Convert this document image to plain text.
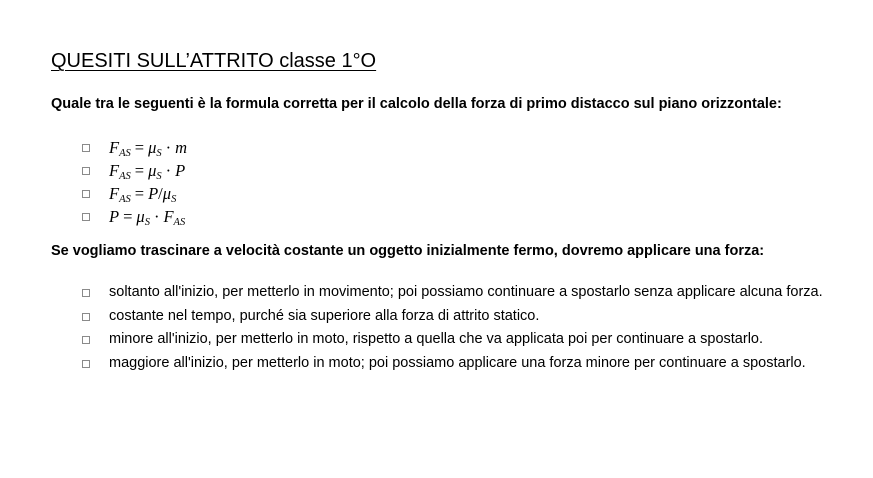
QUESITI SULL’ATTRITO classe 1°O
Quale tra le seguenti è la formula corretta per il calcolo della forza di primo distacco sul piano orizzontale:
$F_{AS} = \mu_S \cdot m$
$F_{AS} = \mu_S \cdot P$
$F_{AS} = P/\mu_S$
$P = \mu_S \cdot F_{AS}$
Se vogliamo trascinare a velocità costante un oggetto inizialmente fermo, dovremo applicare una forza:
soltanto all'inizio, per metterlo in movimento; poi possiamo continuare a spostarlo senza applicare alcuna forza.
costante nel tempo, purché sia superiore alla forza di attrito statico.
minore all'inizio, per metterlo in moto, rispetto a quella che va applicata poi per continuare a spostarlo.
maggiore all'inizio, per metterlo in moto; poi possiamo applicare una forza minore per continuare a spostarlo.
